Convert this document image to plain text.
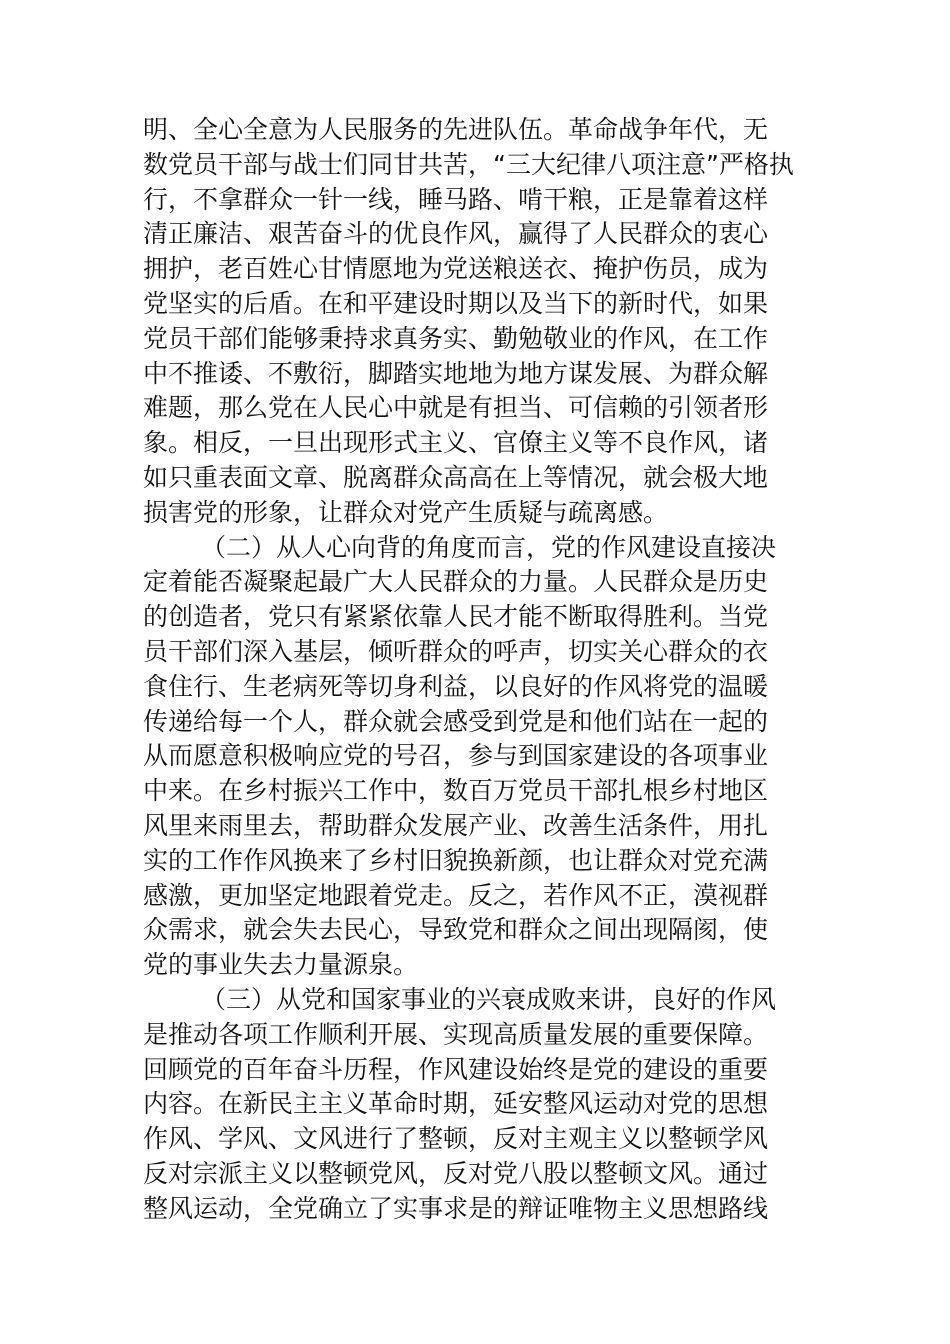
明、全心全意为人民服务的先进队伍。革命战争年代，无
数党员干部与战士们同甘共苦，“三大纪律八项注意”严格执
行，不拿群众一针一线，睡马路、啃干粮，正是靠着这样
清正廉洁、艰苦奋斗的优良作风，赢得了人民群众的衷心
拥护，老百姓心甘情愿地为党送粮送衣、掩护伤员，成为
党坚实的后盾。在和平建设时期以及当下的新时代，如果
党员干部们能够秉持求真务实、勤勉敬业的作风，在工作
中不推诿、不敷衍，脚踏实地地为地方谋发展、为群众解
难题，那么党在人民心中就是有担当、可信赖的引领者形
象。相反，一旦出现形式主义、官僚主义等不良作风，诸
如只重表面文章、脱离群众高高在上等情况，就会极大地
损害党的形象，让群众对党产生质疑与疏离感。
（二）从人心向背的角度而言，党的作风建设直接决
定着能否凝聚起最广大人民群众的力量。人民群众是历史
的创造者，党只有紧紧依靠人民才能不断取得胜利。当党
员干部们深入基层，倾听群众的呼声，切实关心群众的衣
食住行、生老病死等切身利益，以良好的作风将党的温暖
传递给每一个人，群众就会感受到党是和他们站在一起的
从而愿意积极响应党的号召，参与到国家建设的各项事业
中来。在乡村振兴工作中，数百万党员干部扎根乡村地区
风里来雨里去，帮助群众发展产业、改善生活条件，用扎
实的工作作风换来了乡村旧貌换新颜，也让群众对党充满
感激，更加坚定地跟着党走。反之，若作风不正，漠视群
众需求，就会失去民心，导致党和群众之间出现隔阂，使
党的事业失去力量源泉。
（三）从党和国家事业的兴衰成败来讲，良好的作风
是推动各项工作顺利开展、实现高质量发展的重要保障。
回顾党的百年奋斗历程，作风建设始终是党的建设的重要
内容。在新民主主义革命时期，延安整风运动对党的思想
作风、学风、文风进行了整顿，反对主观主义以整顿学风
反对宗派主义以整顿党风，反对党八股以整顿文风。通过
整风运动，全党确立了实事求是的辩证唯物主义思想路线
